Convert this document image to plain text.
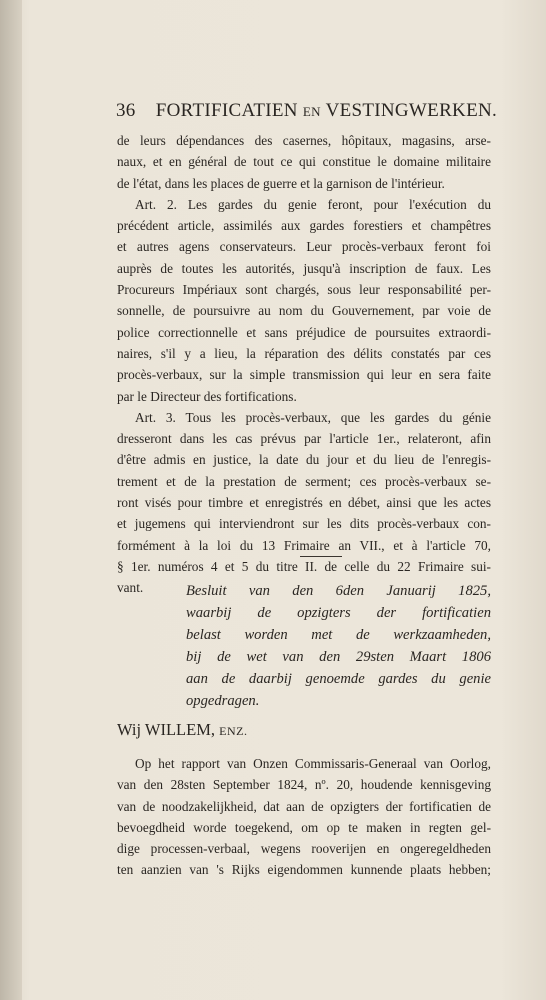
36 FORTIFICATIEN EN VESTINGWERKEN.
de leurs dépendances des casernes, hôpitaux, magasins, arse-
naux, et en général de tout ce qui constitue le domaine militaire
de l'état, dans les places de guerre et la garnison de l'intérieur.
Art. 2. Les gardes du genie feront, pour l'exécution du
précédent article, assimilés aux gardes forestiers et champêtres
et autres agens conservateurs. Leur procès-verbaux feront foi
auprès de toutes les autorités, jusqu'à inscription de faux. Les
Procureurs Impériaux sont chargés, sous leur responsabilité per-
sonnelle, de poursuivre au nom du Gouvernement, par voie de
police correctionnelle et sans préjudice de poursuites extraordi-
naires, s'il y a lieu, la réparation des délits constatés par ces
procès-verbaux, sur la simple transmission qui leur en sera faite
par le Directeur des fortifications.
Art. 3. Tous les procès-verbaux, que les gardes du génie
dresseront dans les cas prévus par l'article 1er., relateront, afin
d'être admis en justice, la date du jour et du lieu de l'enregis-
trement et de la prestation de serment; ces procès-verbaux se-
ront visés pour timbre et enregistrés en débet, ainsi que les actes
et jugemens qui interviendront sur les dits procès-verbaux con-
formément à la loi du 13 Frimaire an VII., et à l'article 70,
§ 1er. numéros 4 et 5 du titre II. de celle du 22 Frimaire sui-
vant.	Besluit van den 6den Januarij 1825,
waarbij de opzigters der fortificatien
belast worden met de werkzaamheden,
bij de wet van den 29sten Maart 1806
aan de daarbij genoemde gardes du genie
opgedragen.
Wij WILLEM, ENZ.
Op het rapport van Onzen Commissaris-Generaal van Oorlog,
van den 28sten September 1824, nº. 20, houdende kennisgeving
van de noodzakelijkheid, dat aan de opzigters der fortificatien de
bevoegdheid worde toegekend, om op te maken in regten gel-
dige processen-verbaal, wegens rooverijen en ongeregeldheden
ten aanzien van 's Rijks eigendommen kunnende plaats hebben;
